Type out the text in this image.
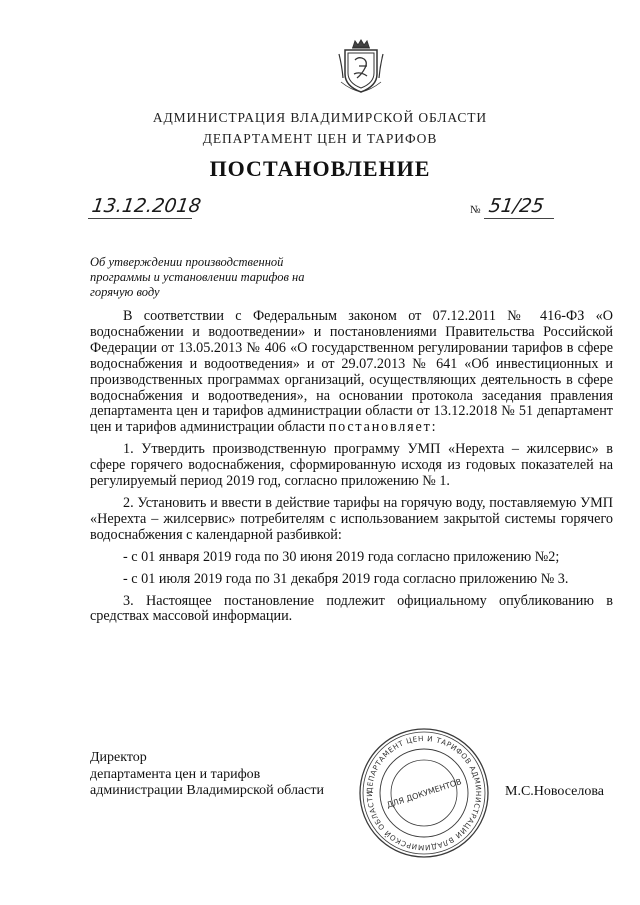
АДМИНИСТРАЦИЯ ВЛАДИМИРСКОЙ ОБЛАСТИ
ДЕПАРТАМЕНТ ЦЕН И ТАРИФОВ
ПОСТАНОВЛЕНИЕ
13.12.2018	№ 51/25
Об утверждении производственной программы и установлении тарифов на горячую воду

В соответствии с Федеральным законом от 07.12.2011 № 416-ФЗ «О водоснабжении и водоотведении» и постановлениями Правительства Российской Федерации от 13.05.2013 № 406 «О государственном регулировании тарифов в сфере водоснабжения и водоотведения» и от 29.07.2013 № 641 «Об инвестиционных и производственных программах организаций, осуществляющих деятельность в сфере водоснабжения и водоотведения», на основании протокола заседания правления департамента цен и тарифов администрации области от 13.12.2018 № 51 департамент цен и тарифов администрации области постановляет:

1. Утвердить производственную программу УМП «Нерехта – жилсервис» в сфере горячего водоснабжения, сформированную исходя из годовых показателей на регулируемый период 2019 год, согласно приложению № 1.

2. Установить и ввести в действие тарифы на горячую воду, поставляемую УМП «Нерехта – жилсервис» потребителям с использованием закрытой системы горячего водоснабжения с календарной разбивкой:

- с 01 января 2019 года по 30 июня 2019 года согласно приложению №2;

- с 01 июля 2019 года по 31 декабря 2019 года согласно приложению № 3.

3. Настоящее постановление подлежит официальному опубликованию в средствах массовой информации.

Директор
департамента цен и тарифов
администрации Владимирской области	ДЕПАРТАМЕНТ ЦЕН И ТАРИФОВ АДМИНИСТРАЦИИ ВЛАДИМИРСКОЙ ОБЛАСТИ	ДЛЯ ДОКУМЕНТОВ	М.С.Новоселова
